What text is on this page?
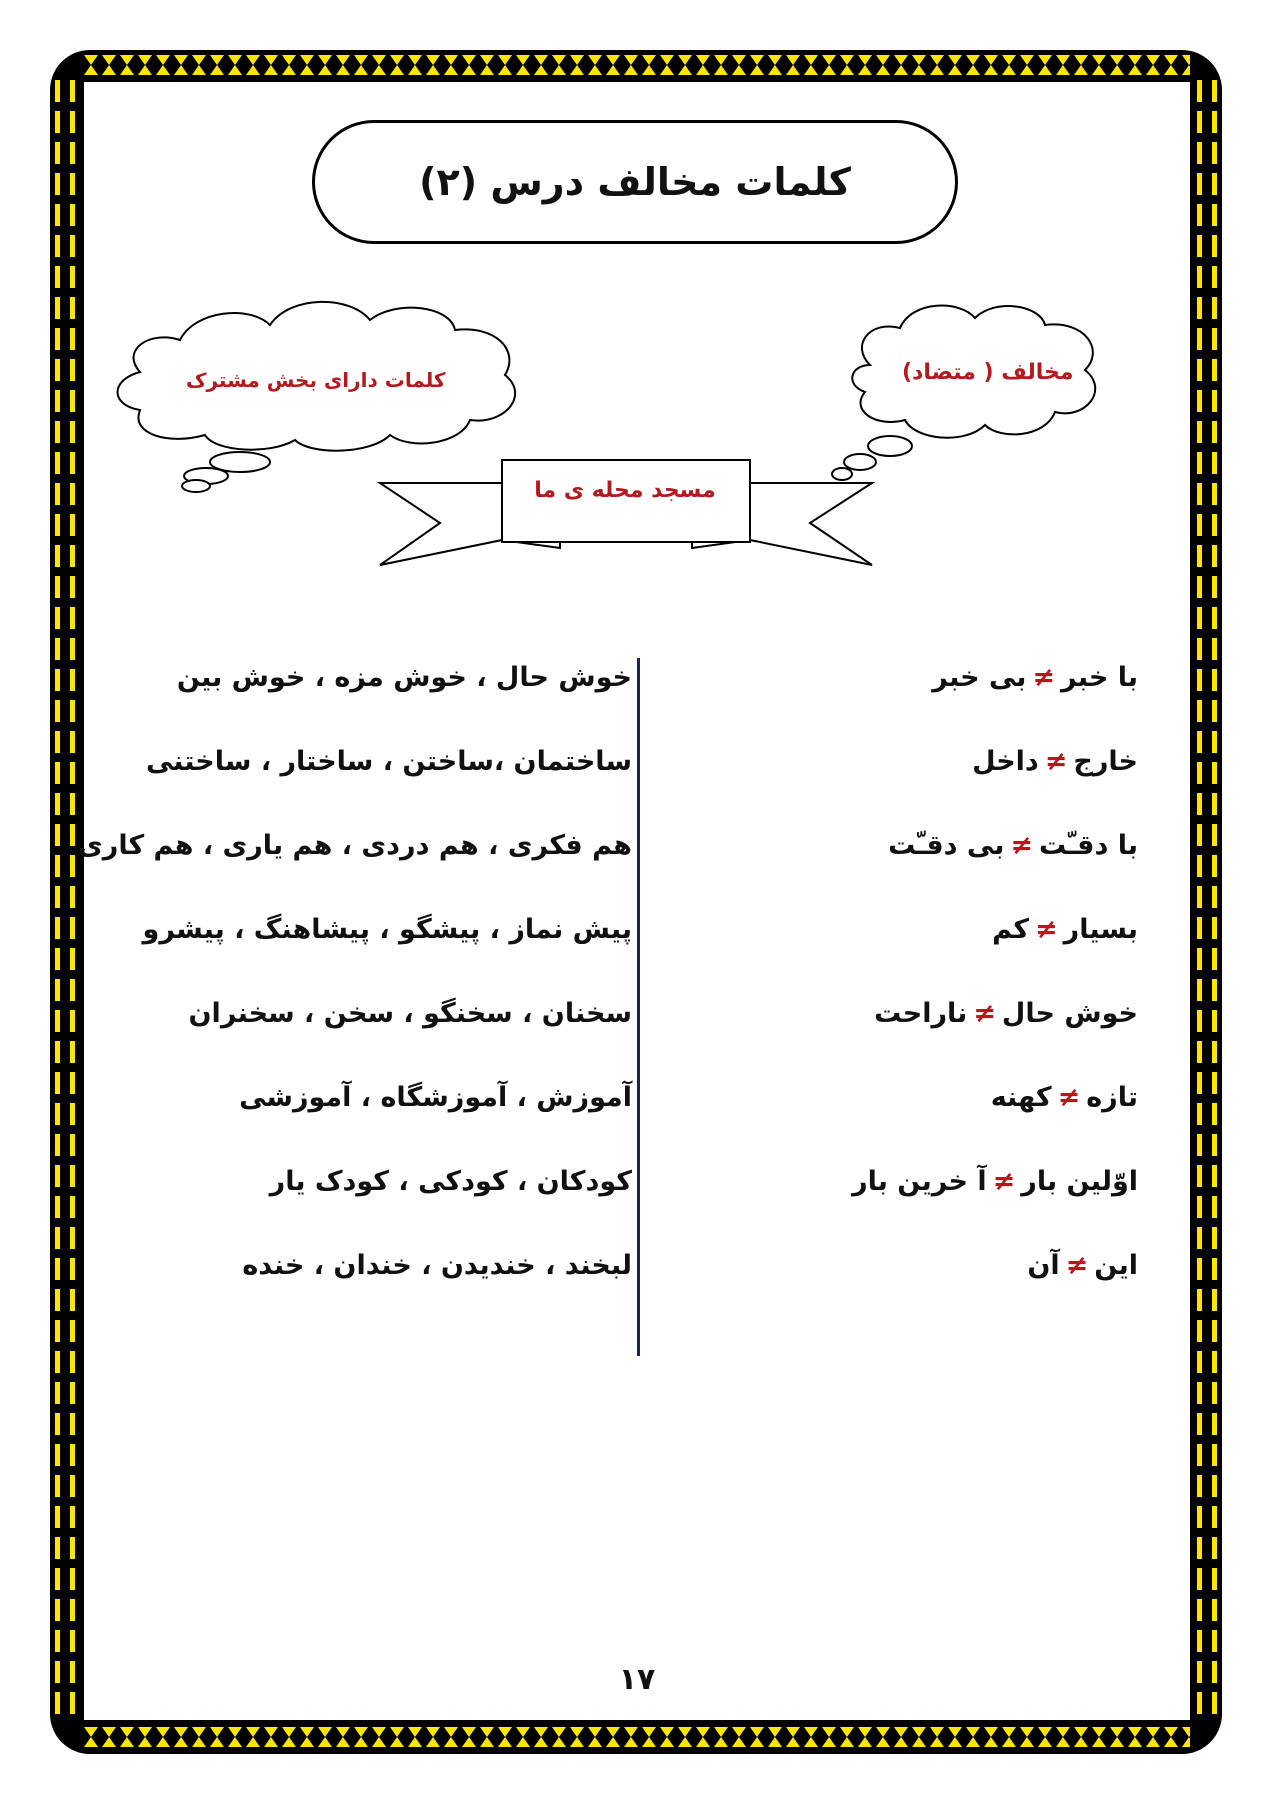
کلمات مخالف درس (۲)
کلمات دارای بخش مشترک	مخالف ( متضاد)
مسجد محله ی ما
با خبر≠بی خبر
خارج≠داخل
با دقـّت≠بی دقـّت
بسیار≠کم
خوش حال≠ناراحت
تازه≠کهنه
اوّلین بار≠آ خرین بار
این≠آن
خوش حال ، خوش مزه ، خوش بین
ساختمان ،ساختن ، ساختار ، ساختنی
هم فکری ، هم دردی ، هم یاری ، هم کاری
پیش نماز ، پیشگو ، پیشاهنگ ، پیشرو
سخنان ، سخنگو ، سخن ، سخنران
آموزش ، آموزشگاه ، آموزشی
کودکان ، کودکی ، کودک یار
لبخند ، خندیدن ، خندان ، خنده
۱۷
